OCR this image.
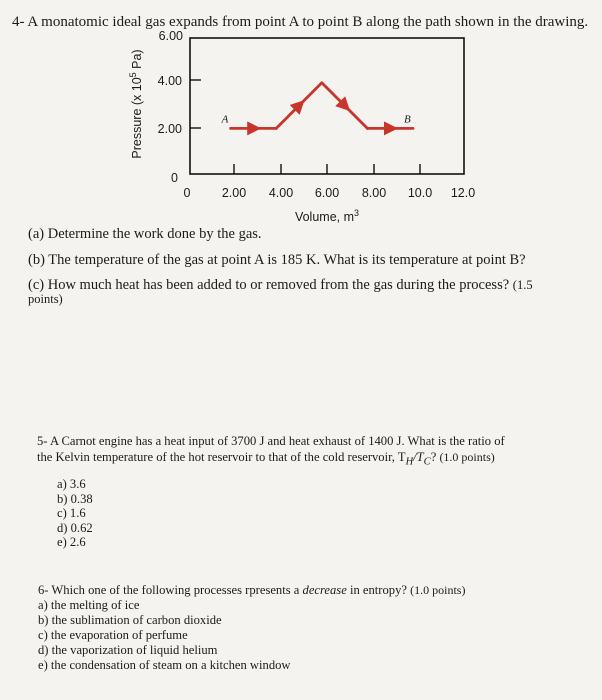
4- A monatomic ideal gas expands from point A to point B along the path shown in the drawing.
0	2.00 4.00 6.00 8.00 10.0 12.0
0
2.00
4.00
6.00
Volume, $m^3$
Pressure (x $10^5$ Pa)
A	B
(a) Determine the work done by the gas.
(b) The temperature of the gas at point A is 185 K. What is its temperature at point B?
(c) How much heat has been added to or removed from the gas during the process? (1.5
points)
5- A Carnot engine has a heat input of 3700 J and heat exhaust of 1400 J. What is the ratio of
the Kelvin temperature of the hot reservoir to that of the cold reservoir, $T_H/T_C$? (1.0 points)
a) 3.6
b) 0.38
c) 1.6
d) 0.62
e) 2.6
6- Which one of the following processes rpresents a decrease in entropy? (1.0 points)
a) the melting of ice
b) the sublimation of carbon dioxide
c) the evaporation of perfume
d) the vaporization of liquid helium
e) the condensation of steam on a kitchen window
